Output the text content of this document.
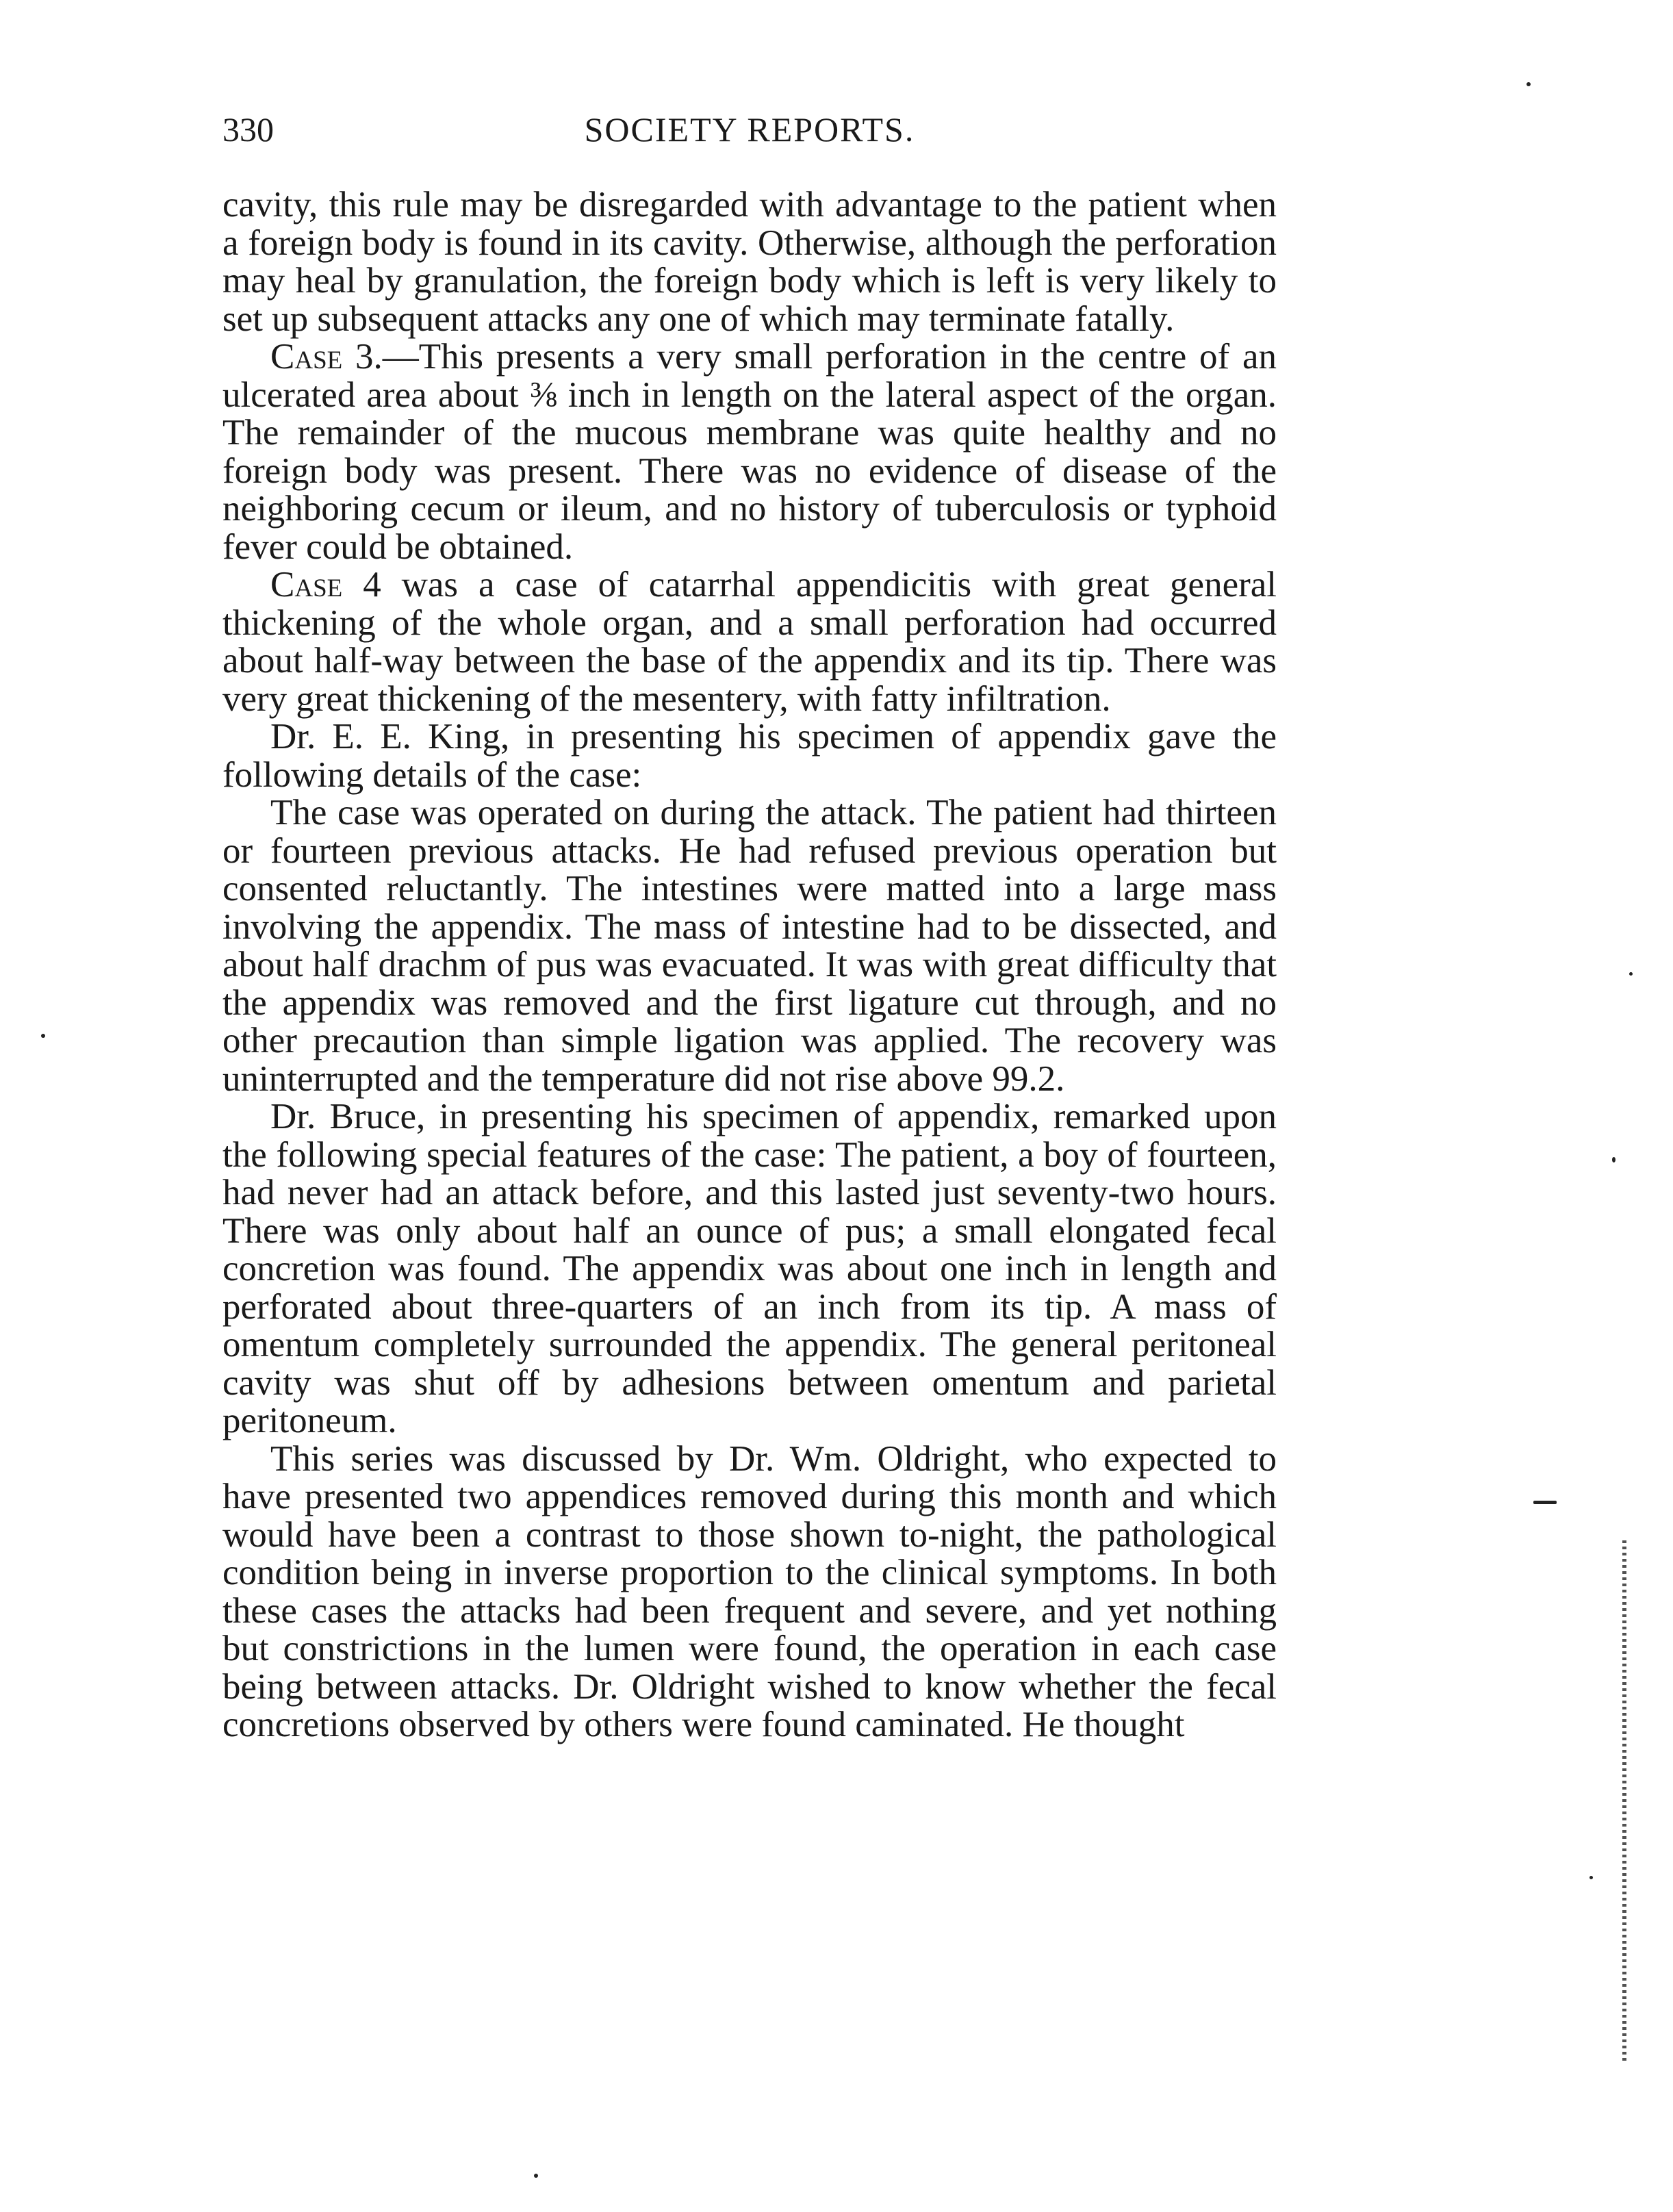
330	SOCIETY REPORTS.

cavity, this rule may be disregarded with advantage to the patient when a foreign body is found in its cavity. Otherwise, although the perforation may heal by granulation, the foreign body which is left is very likely to set up subsequent attacks any one of which may terminate fatally.

Case 3.—This presents a very small perforation in the centre of an ulcerated area about ⅜ inch in length on the lateral aspect of the organ. The remainder of the mucous membrane was quite healthy and no foreign body was present. There was no evidence of disease of the neighboring cecum or ileum, and no history of tuberculosis or typhoid fever could be obtained.

Case 4 was a case of catarrhal appendicitis with great general thickening of the whole organ, and a small perforation had occurred about half-way between the base of the appendix and its tip. There was very great thickening of the mesentery, with fatty infiltration.

Dr. E. E. King, in presenting his specimen of appendix gave the following details of the case:

The case was operated on during the attack. The patient had thirteen or fourteen previous attacks. He had refused previous operation but consented reluctantly. The intestines were matted into a large mass involving the appendix. The mass of intestine had to be dissected, and about half drachm of pus was evacuated. It was with great difficulty that the appendix was removed and the first ligature cut through, and no other precaution than simple ligation was applied. The recovery was uninterrupted and the temperature did not rise above 99.2.

Dr. Bruce, in presenting his specimen of appendix, remarked upon the following special features of the case: The patient, a boy of fourteen, had never had an attack before, and this lasted just seventy-two hours. There was only about half an ounce of pus; a small elongated fecal concretion was found. The appendix was about one inch in length and perforated about three-quarters of an inch from its tip. A mass of omentum completely surrounded the appendix. The general peritoneal cavity was shut off by adhesions between omentum and parietal peritoneum.

This series was discussed by Dr. Wm. Oldright, who expected to have presented two appendices removed during this month and which would have been a contrast to those shown to-night, the pathological condition being in inverse proportion to the clinical symptoms. In both these cases the attacks had been frequent and severe, and yet nothing but constrictions in the lumen were found, the operation in each case being between attacks. Dr. Oldright wished to know whether the fecal concretions observed by others were found caminated. He thought
